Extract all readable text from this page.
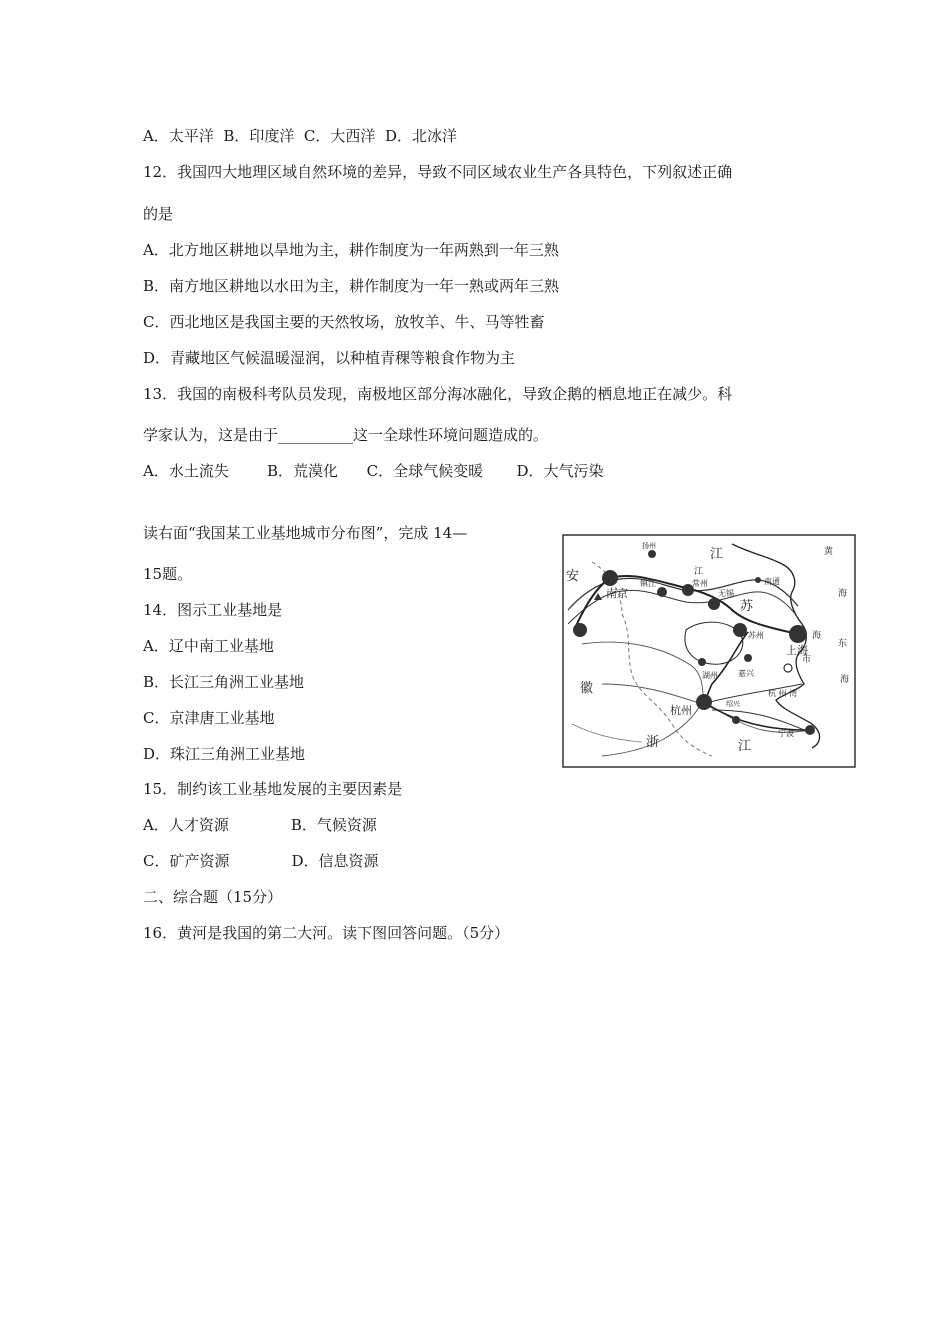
A．太平洋  B．印度洋  C．大西洋  D．北冰洋
12．我国四大地理区域自然环境的差异，导致不同区域农业生产各具特色，下列叙述正确
的是
A．北方地区耕地以旱地为主，耕作制度为一年两熟到一年三熟
B．南方地区耕地以水田为主，耕作制度为一年一熟或两年三熟
C．西北地区是我国主要的天然牧场，放牧羊、牛、马等牲畜
D．青藏地区气候温暖湿润，以种植青稞等粮食作物为主
13．我国的南极科考队员发现，南极地区部分海冰融化，导致企鹅的栖息地正在减少。科
学家认为，这是由于__________这一全球性环境问题造成的。
A．水土流失        B．荒漠化      C．全球气候变暖       D．大气污染
读右面“我国某工业基地城市分布图”，完成 14—
15题。
14．图示工业基地是
A．辽中南工业基地
B．长江三角洲工业基地
C．京津唐工业基地
D．珠江三角洲工业基地
15．制约该工业基地发展的主要因素是
A．人才资源             B．气候资源
C．矿产资源             D．信息资源
二、综合题（15分）
16．黄河是我国的第二大河。读下图回答问题。（5分）
南京
上海
杭州
苏州
无锡
常州
镇江
扬州
南通
湖州	嘉兴
绍兴
宁波
江
江
苏
安
徽
浙	江
海
市
黄
海
东
海
杭 州 湾
